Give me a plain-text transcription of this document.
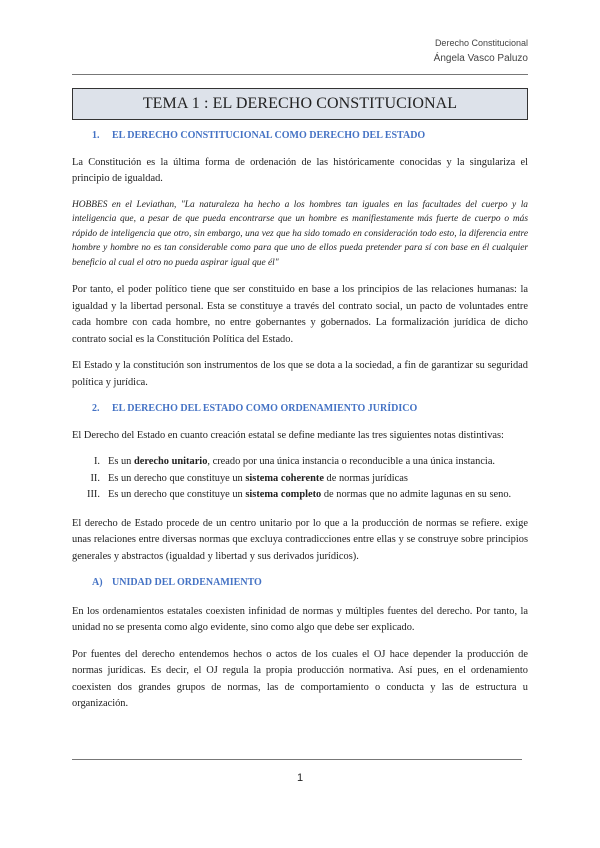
Derecho Constitucional
Ángela Vasco Paluzo
TEMA 1 : EL DERECHO CONSTITUCIONAL
1.	EL DERECHO CONSTITUCIONAL COMO DERECHO DEL ESTADO

La Constitución es la última forma de ordenación de las históricamente conocidas y la singulariza el principio de igualdad.

HOBBES en el Leviathan, "La naturaleza ha hecho a los hombres tan iguales en las facultades del cuerpo y la inteligencia que, a pesar de que pueda encontrarse que un hombre es manifiestamente más fuerte de cuerpo o más rápido de inteligencia que otro, sin embargo, una vez que ha sido tomado en consideración todo esto, la diferencia entre hombre y hombre no es tan considerable como para que uno de ellos pueda pretender para sí con base en él cualquier beneficio al cual el otro no pueda aspirar igual que él"

Por tanto, el poder político tiene que ser constituido en base a los principios de las relaciones humanas: la igualdad y la libertad personal. Esta se constituye a través del contrato social, un pacto de voluntades entre cada hombre con cada hombre, no entre gobernantes y gobernados. La formalización jurídica de dicho contrato social es la Constitución Política del Estado.

El Estado y la constitución son instrumentos de los que se dota a la sociedad, a fin de garantizar su seguridad política y jurídica.

2.	EL DERECHO DEL ESTADO COMO ORDENAMIENTO JURÍDICO

El Derecho del Estado en cuanto creación estatal se define mediante las tres siguientes notas distintivas:

I. Es un derecho unitario, creado por una única instancia o reconducible a una única instancia.
II. Es un derecho que constituye un sistema coherente de normas jurídicas
III. Es un derecho que constituye un sistema completo de normas que no admite lagunas en su seno.

El derecho de Estado procede de un centro unitario por lo que a la producción de normas se refiere. exige unas relaciones entre diversas normas que excluya contradicciones entre ellas y se construye sobre principios generales y abstractos (igualdad y libertad y sus derivados jurídicos).

A) UNIDAD DEL ORDENAMIENTO

En los ordenamientos estatales coexisten infinidad de normas y múltiples fuentes del derecho. Por tanto, la unidad no se presenta como algo evidente, sino como algo que debe ser explicado.

Por fuentes del derecho entendemos hechos o actos de los cuales el OJ hace depender la producción de normas jurídicas. Es decir, el OJ regula la propia producción normativa. Así pues, en el ordenamiento coexisten dos grandes grupos de normas, las de comportamiento o conducta y las de estructura u organización.

1
